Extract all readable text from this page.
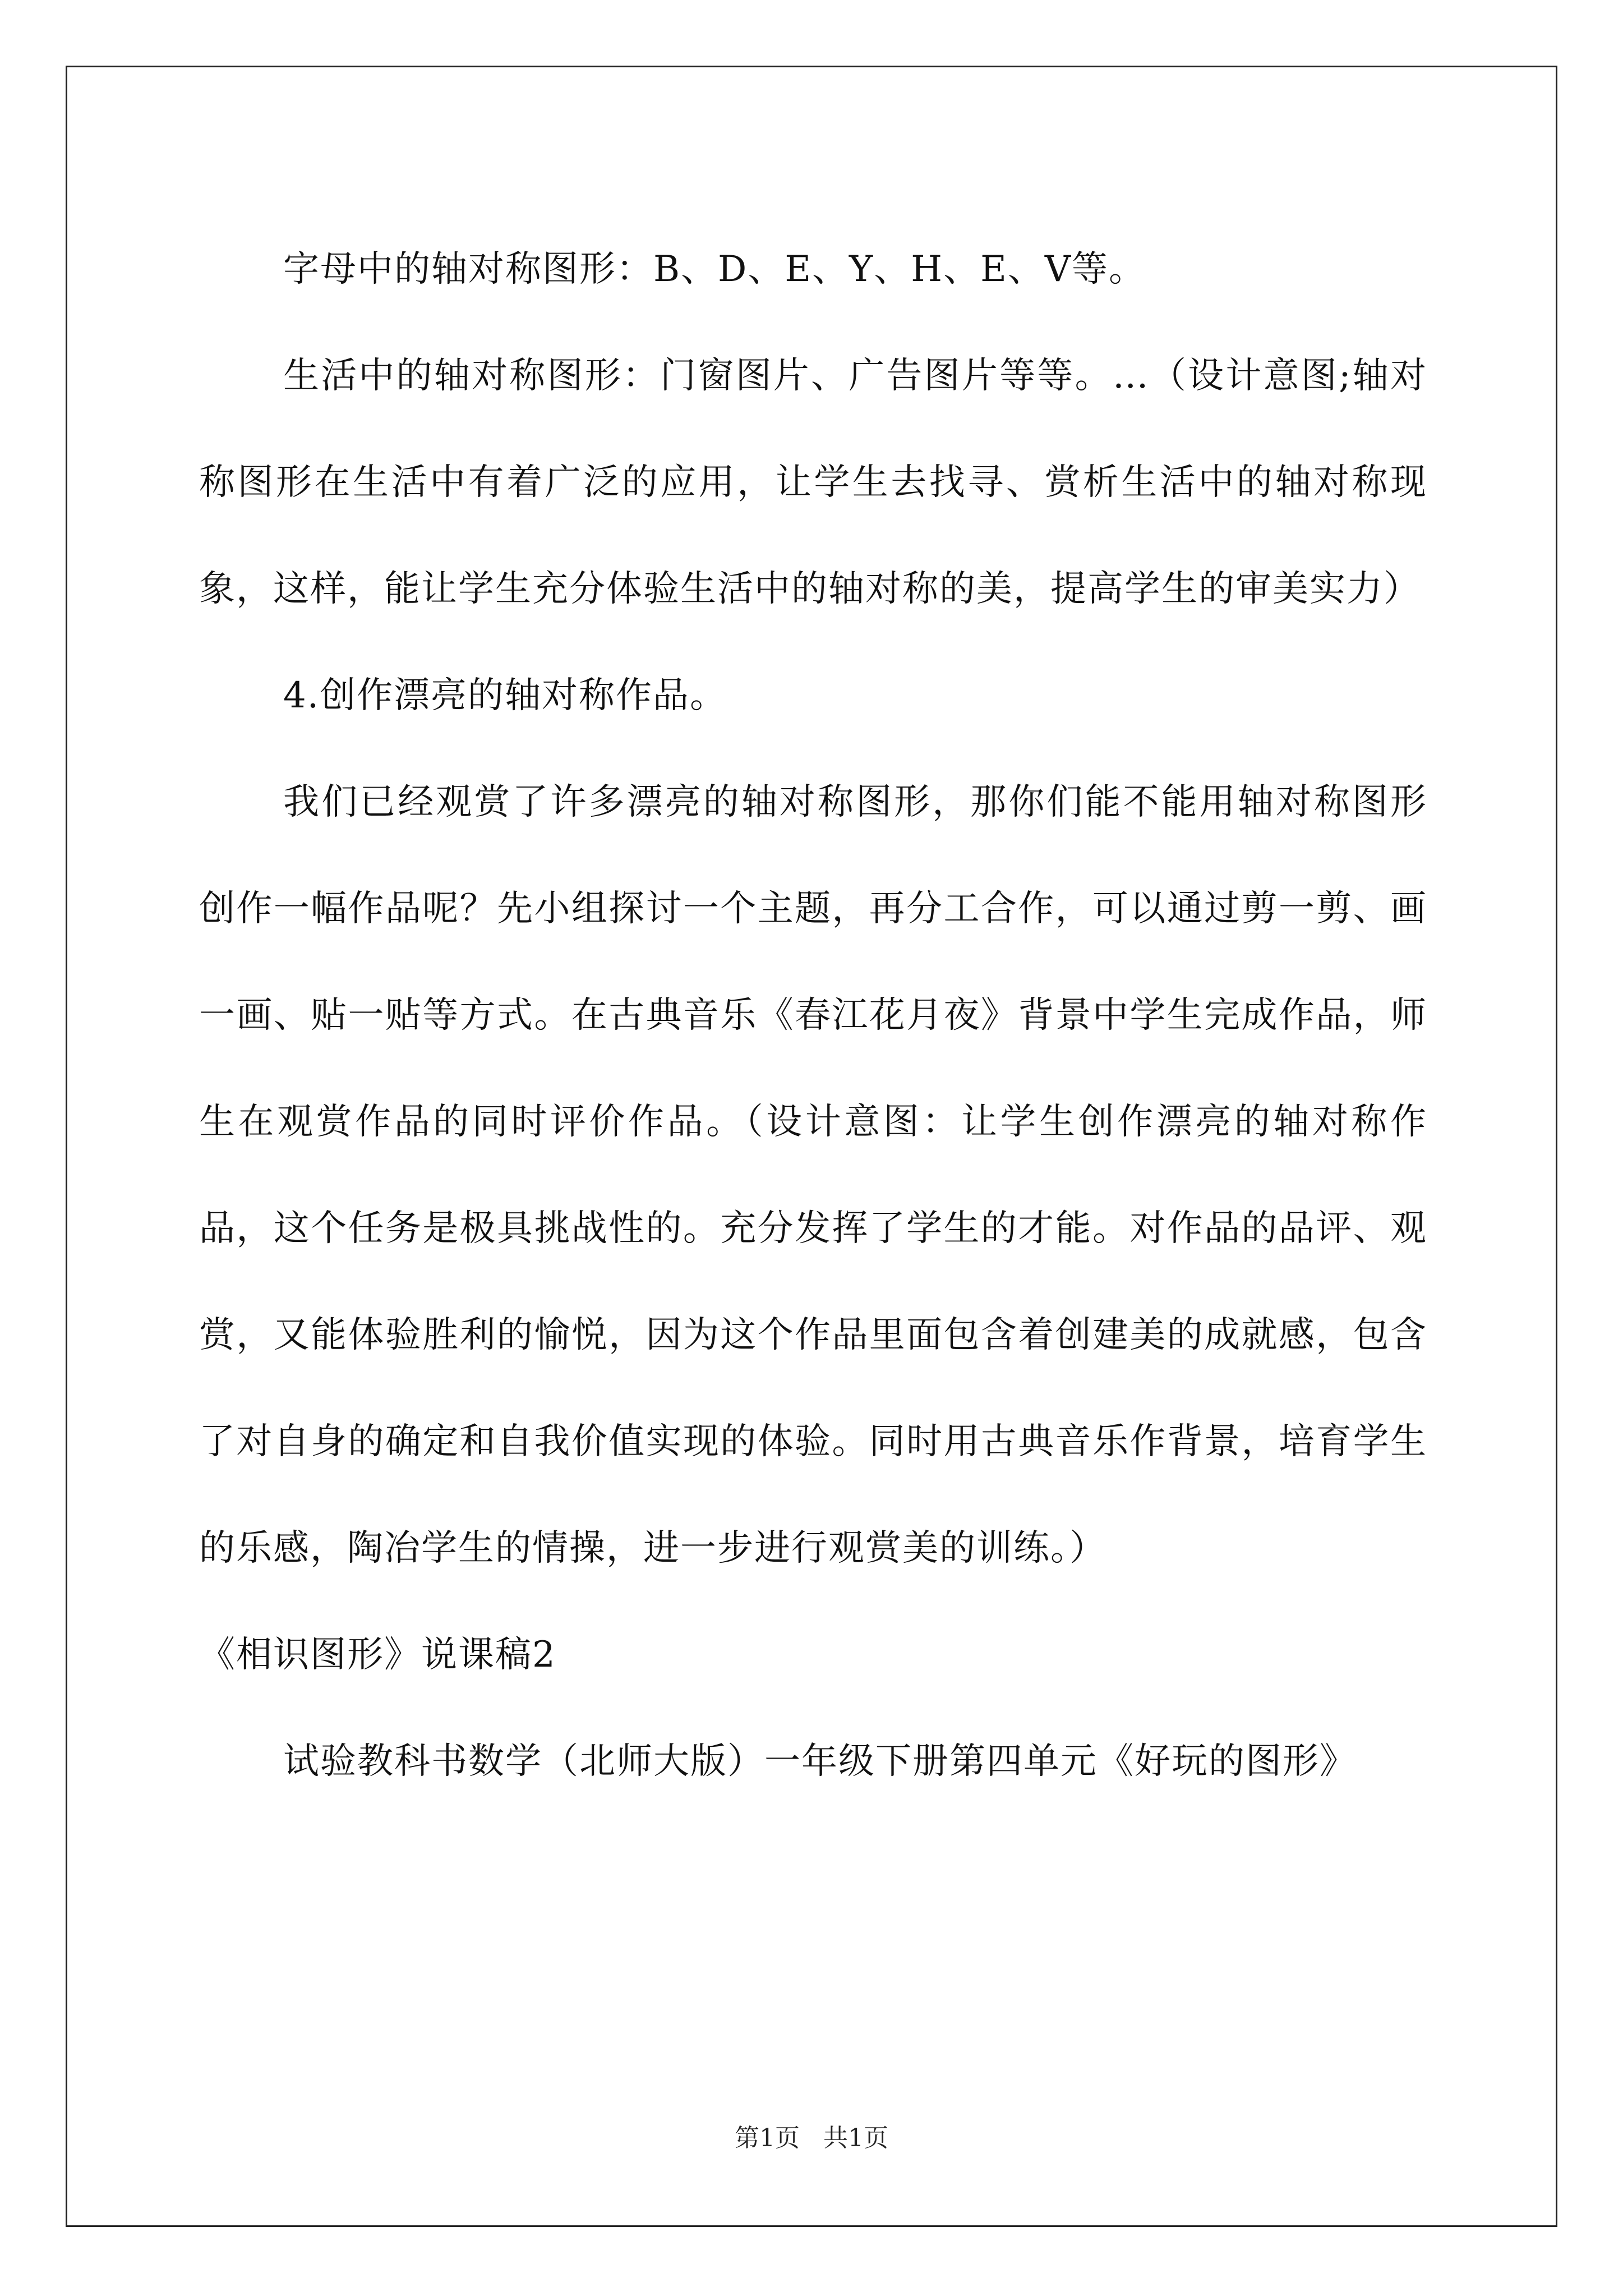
字母中的轴对称图形：B、D、E、Y、H、E、V等。

生活中的轴对称图形：门窗图片、广告图片等等。…（设计意图;轴对称图形在生活中有着广泛的应用，让学生去找寻、赏析生活中的轴对称现象，这样，能让学生充分体验生活中的轴对称的美，提高学生的审美实力）

4.创作漂亮的轴对称作品。

我们已经观赏了许多漂亮的轴对称图形，那你们能不能用轴对称图形创作一幅作品呢？先小组探讨一个主题，再分工合作，可以通过剪一剪、画一画、贴一贴等方式。在古典音乐《春江花月夜》背景中学生完成作品，师生在观赏作品的同时评价作品。（设计意图：让学生创作漂亮的轴对称作品，这个任务是极具挑战性的。充分发挥了学生的才能。对作品的品评、观赏，又能体验胜利的愉悦，因为这个作品里面包含着创建美的成就感，包含了对自身的确定和自我价值实现的体验。同时用古典音乐作背景，培育学生的乐感，陶冶学生的情操，进一步进行观赏美的训练。）

《相识图形》说课稿2

试验教科书数学（北师大版）一年级下册第四单元《好玩的图形》

第1页 共1页
